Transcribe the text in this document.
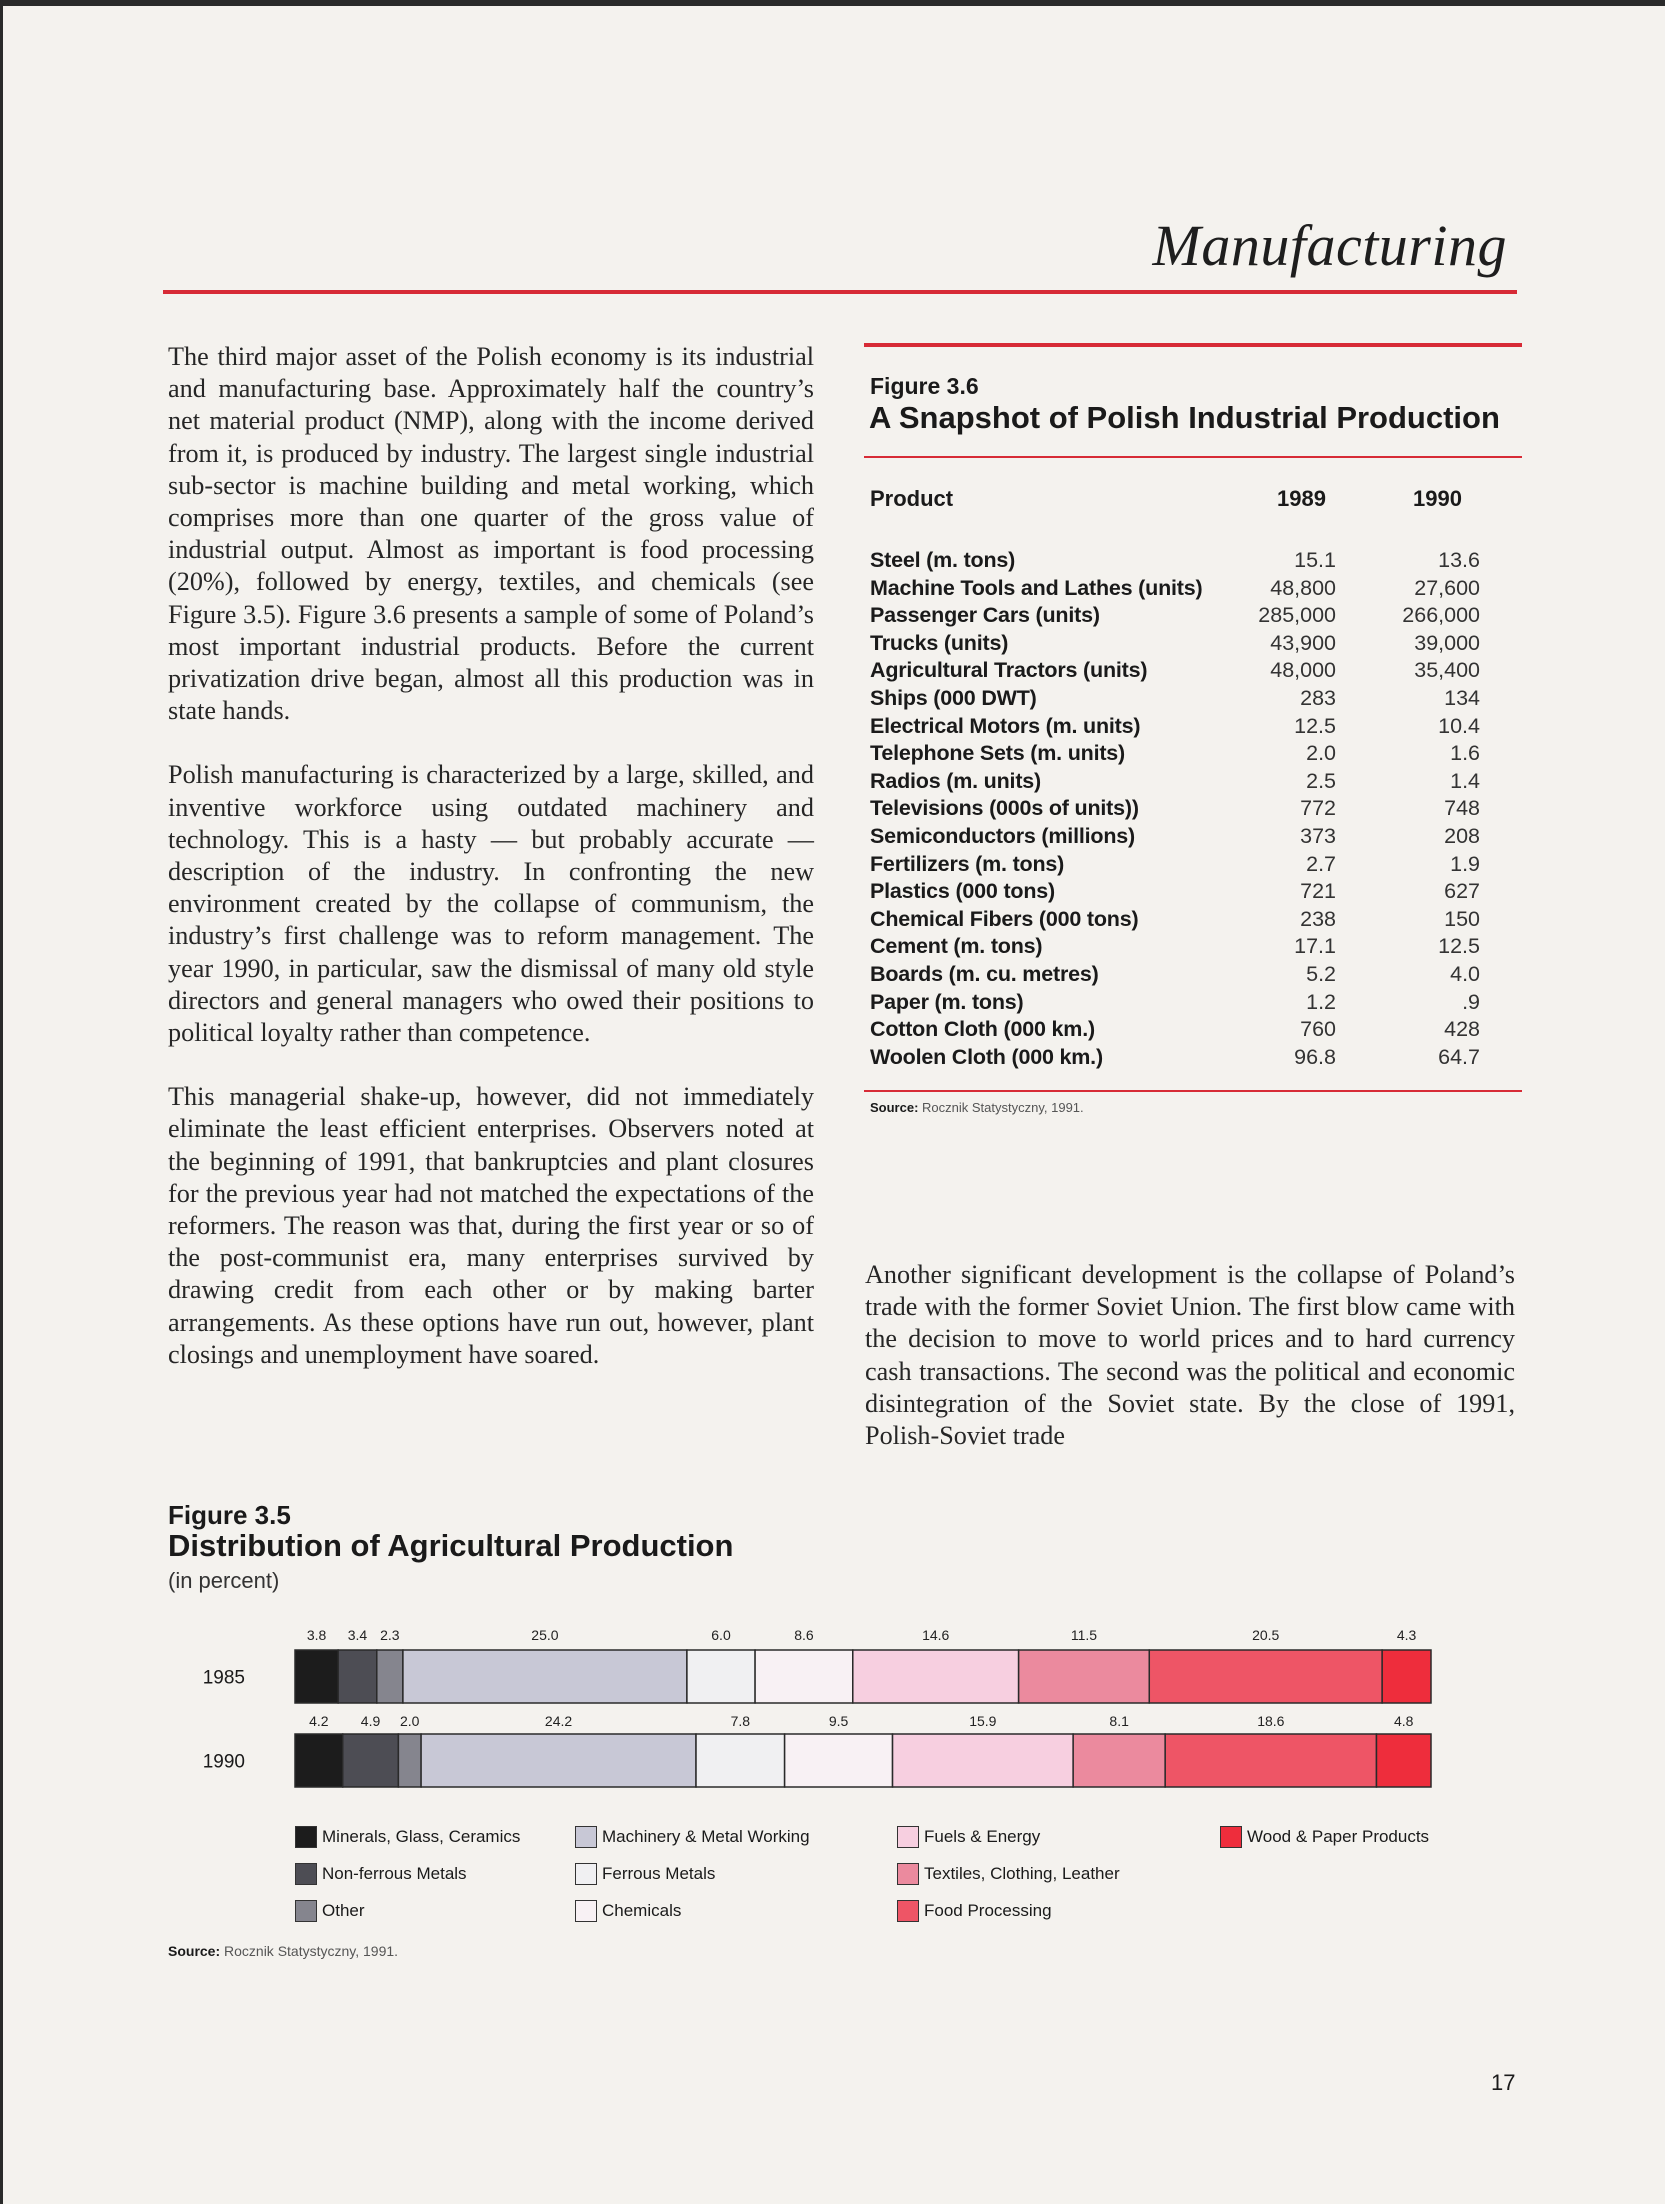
Manufacturing

The third major asset of the Polish economy is its industrial and manufacturing base. Approximately half the country’s net material product (NMP), along with the income derived from it, is produced by industry. The largest single industrial sub-sector is machine building and metal working, which comprises more than one quarter of the gross value of industrial output. Almost as important is food processing (20%), followed by energy, textiles, and chemicals (see Figure 3.5). Figure 3.6 presents a sample of some of Poland’s most important industrial products. Before the current privatization drive began, almost all this production was in state hands.

Polish manufacturing is characterized by a large, skilled, and inventive workforce using outdated machinery and technology. This is a hasty — but probably accurate — description of the industry. In confronting the new environment created by the collapse of communism, the industry’s first challenge was to reform management. The year 1990, in particular, saw the dismissal of many old style directors and general managers who owed their positions to political loyalty rather than competence.

This managerial shake-up, however, did not immediately eliminate the least efficient enterprises. Observers noted at the beginning of 1991, that bankruptcies and plant closures for the previous year had not matched the expectations of the reformers. The reason was that, during the first year or so of the post-communist era, many enterprises survived by drawing credit from each other or by making barter arrangements. As these options have run out, however, plant closings and unemployment have soared.

Figure 3.6
A Snapshot of Polish Industrial Production
Product	1989	1990
Steel (m. tons)	15.1	13.6
Machine Tools and Lathes (units)	48,800	27,600
Passenger Cars (units)	285,000	266,000
Trucks (units)	43,900	39,000
Agricultural Tractors (units)	48,000	35,400
Ships (000 DWT)	283	134
Electrical Motors (m. units)	12.5	10.4
Telephone Sets (m. units)	2.0	1.6
Radios (m. units)	2.5	1.4
Televisions (000s of units))	772	748
Semiconductors (millions)	373	208
Fertilizers (m. tons)	2.7	1.9
Plastics (000 tons)	721	627
Chemical Fibers (000 tons)	238	150
Cement (m. tons)	17.1	12.5
Boards (m. cu. metres)	5.2	4.0
Paper (m. tons)	1.2	.9
Cotton Cloth (000 km.)	760	428
Woolen Cloth (000 km.)	96.8	64.7
Source: Rocznik Statystyczny, 1991.

Another significant development is the collapse of Poland’s trade with the former Soviet Union. The first blow came with the decision to move to world prices and to hard currency cash transactions. The second was the political and economic disintegration of the Soviet state. By the close of 1991, Polish-Soviet trade

Figure 3.5
Distribution of Agricultural Production
(in percent)
1985
3.8 3.4 2.3	25.0	6.0	8.6	14.6	11.5	20.5	4.3
1990
4.2 4.9 2.0	24.2	7.8	9.5	15.9	8.1	18.6	4.8
Minerals, Glass, Ceramics
Non-ferrous Metals
Other
Machinery & Metal Working
Ferrous Metals
Chemicals
Fuels & Energy
Textiles, Clothing, Leather
Food Processing
Wood & Paper Products
Source: Rocznik Statystyczny, 1991.
17
